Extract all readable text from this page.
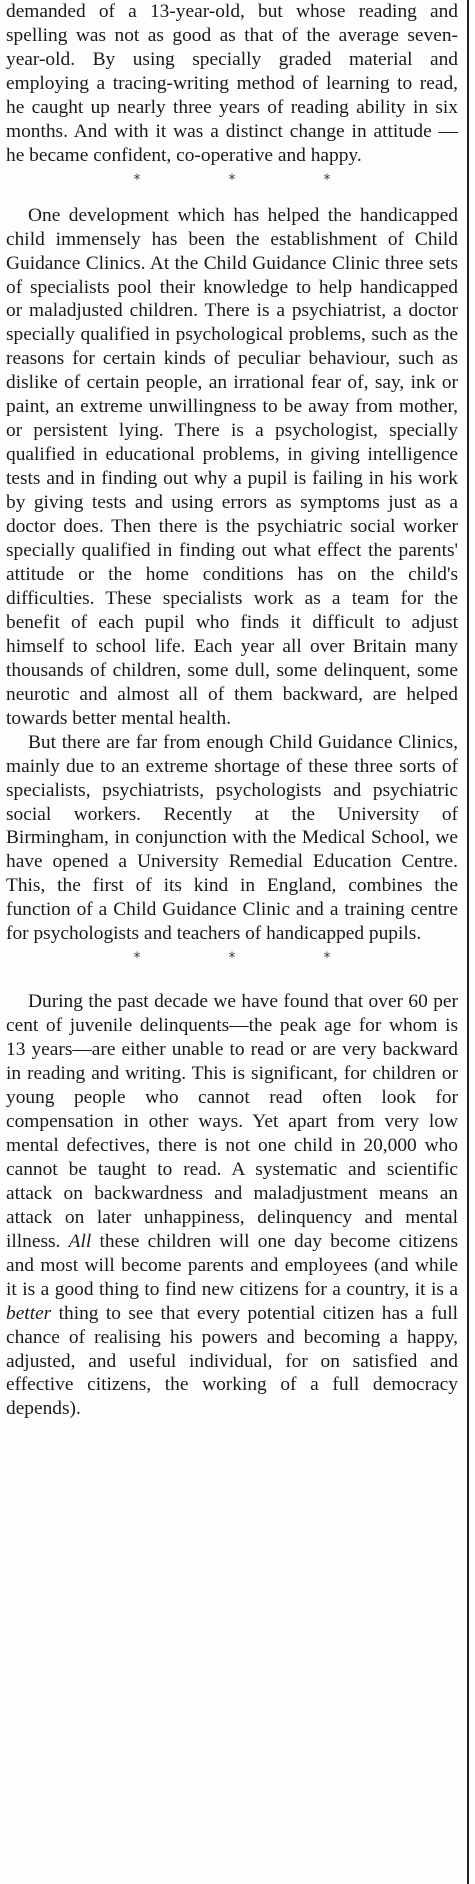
demanded of a 13-year-old, but whose reading and spelling was not as good as that of the average seven-year-old. By using specially graded material and employing a tracing-writing method of learning to read, he caught up nearly three years of reading ability in six months. And with it was a distinct change in attitude — he became confident, co-operative and happy.

*	*	*

One development which has helped the handicapped child immensely has been the establishment of Child Guidance Clinics. At the Child Guidance Clinic three sets of specialists pool their knowledge to help handicapped or maladjusted children. There is a psychiatrist, a doctor specially qualified in psychological problems, such as the reasons for certain kinds of peculiar behaviour, such as dislike of certain people, an irrational fear of, say, ink or paint, an extreme unwillingness to be away from mother, or persistent lying. There is a psychologist, specially qualified in educational problems, in giving intelligence tests and in finding out why a pupil is failing in his work by giving tests and using errors as symptoms just as a doctor does. Then there is the psychiatric social worker specially qualified in finding out what effect the parents' attitude or the home conditions has on the child's difficulties. These specialists work as a team for the benefit of each pupil who finds it difficult to adjust himself to school life. Each year all over Britain many thousands of children, some dull, some delinquent, some neurotic and almost all of them backward, are helped towards better mental health.

But there are far from enough Child Guidance Clinics, mainly due to an extreme shortage of these three sorts of specialists, psychiatrists, psychologists and psychiatric social workers. Recently at the University of Birmingham, in conjunction with the Medical School, we have opened a University Remedial Education Centre. This, the first of its kind in England, combines the function of a Child Guidance Clinic and a training centre for psychologists and teachers of handicapped pupils.

*	*	*

During the past decade we have found that over 60 per cent of juvenile delinquents—the peak age for whom is 13 years—are either unable to read or are very backward in reading and writing. This is significant, for children or young people who cannot read often look for compensation in other ways. Yet apart from very low mental defectives, there is not one child in 20,000 who cannot be taught to read. A systematic and scientific attack on backwardness and maladjustment means an attack on later unhappiness, delinquency and mental illness. All these children will one day become citizens and most will become parents and employees (and while it is a good thing to find new citizens for a country, it is a better thing to see that every potential citizen has a full chance of realising his powers and becoming a happy, adjusted, and useful individual, for on satisfied and effective citizens, the working of a full democracy depends).
